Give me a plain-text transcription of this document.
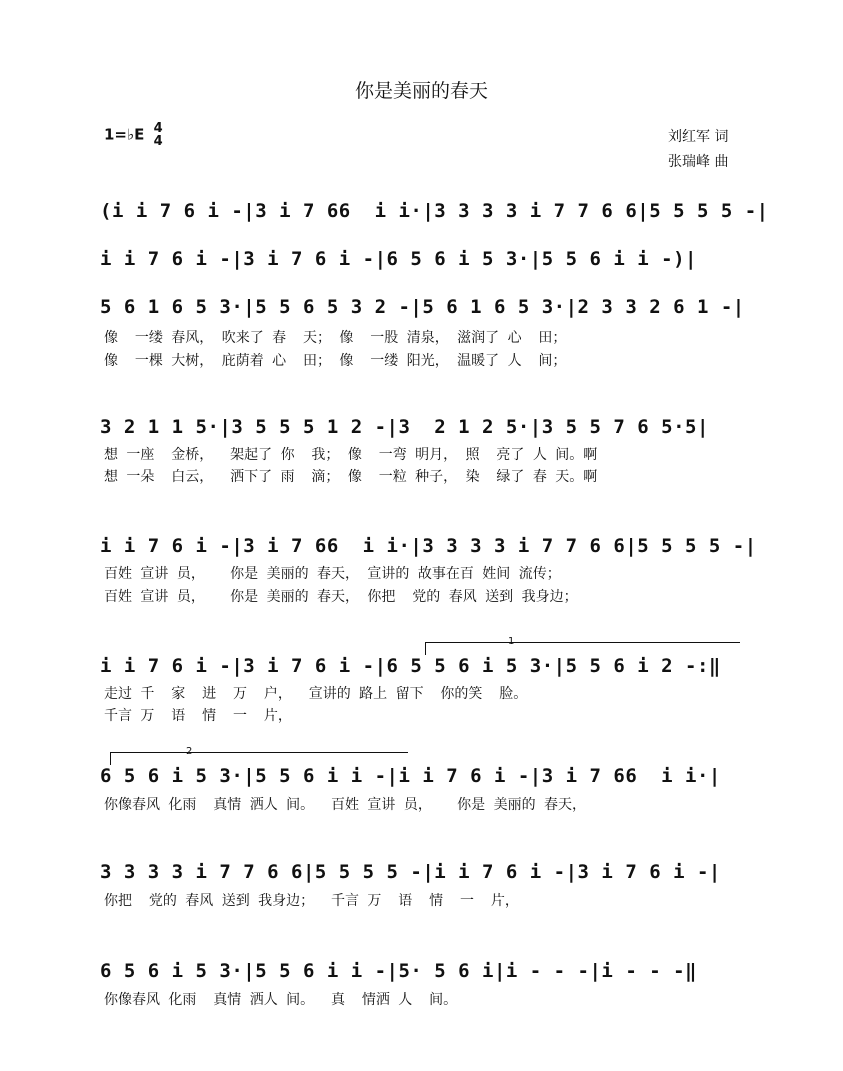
你是美丽的春天
1=♭E 4
4	刘红军 词
张瑞峰 曲
(i i 7 6 i -|3 i 7 66  i i·|3 3 3 3 i 7 7 6 6|5 5 5 5 -|
i i 7 6 i -|3 i 7 6 i -|6 5 6 i 5 3·|5 5 6 i i -)|
5 6 1 6 5 3·|5 5 6 5 3 2 -|5 6 1 6 5 3·|2 3 3 2 6 1 -|
像  一缕 春风， 吹来了 春  天； 像  一股 清泉， 滋润了 心  田；
像  一棵 大树， 庇荫着 心  田； 像  一缕 阳光， 温暖了 人  间；
3 2 1 1 5·|3 5 5 5 1 2 -|3  2 1 2 5·|3 5 5 7 6 5·5|
想 一座  金桥，  架起了 你  我； 像  一弯 明月， 照  亮了 人 间。啊
想 一朵  白云，  洒下了 雨  滴； 像  一粒 种子， 染  绿了 春 天。啊
i i 7 6 i -|3 i 7 66  i i·|3 3 3 3 i 7 7 6 6|5 5 5 5 -|
百姓 宣讲 员，   你是 美丽的 春天， 宣讲的 故事在百 姓间 流传；
百姓 宣讲 员，   你是 美丽的 春天， 你把  党的 春风 送到 我身边；
1
i i 7 6 i -|3 i 7 6 i -|6 5 5 6 i 5 3·|5 5 6 i 2 -:‖
走过 千  家  进  万  户，  宣讲的 路上 留下  你的笑  脸。
千言 万  语  情  一  片，
2
6 5 6 i 5 3·|5 5 6 i i -|i i 7 6 i -|3 i 7 66  i i·|
你像春风 化雨  真情 洒人 间。  百姓 宣讲 员，   你是 美丽的 春天，
3 3 3 3 i 7 7 6 6|5 5 5 5 -|i i 7 6 i -|3 i 7 6 i -|
你把  党的 春风 送到 我身边；  千言 万  语  情  一  片，
6 5 6 i 5 3·|5 5 6 i i -|5· 5 6 i|i - - -|i - - -‖
你像春风 化雨  真情 洒人 间。  真  情洒 人  间。
